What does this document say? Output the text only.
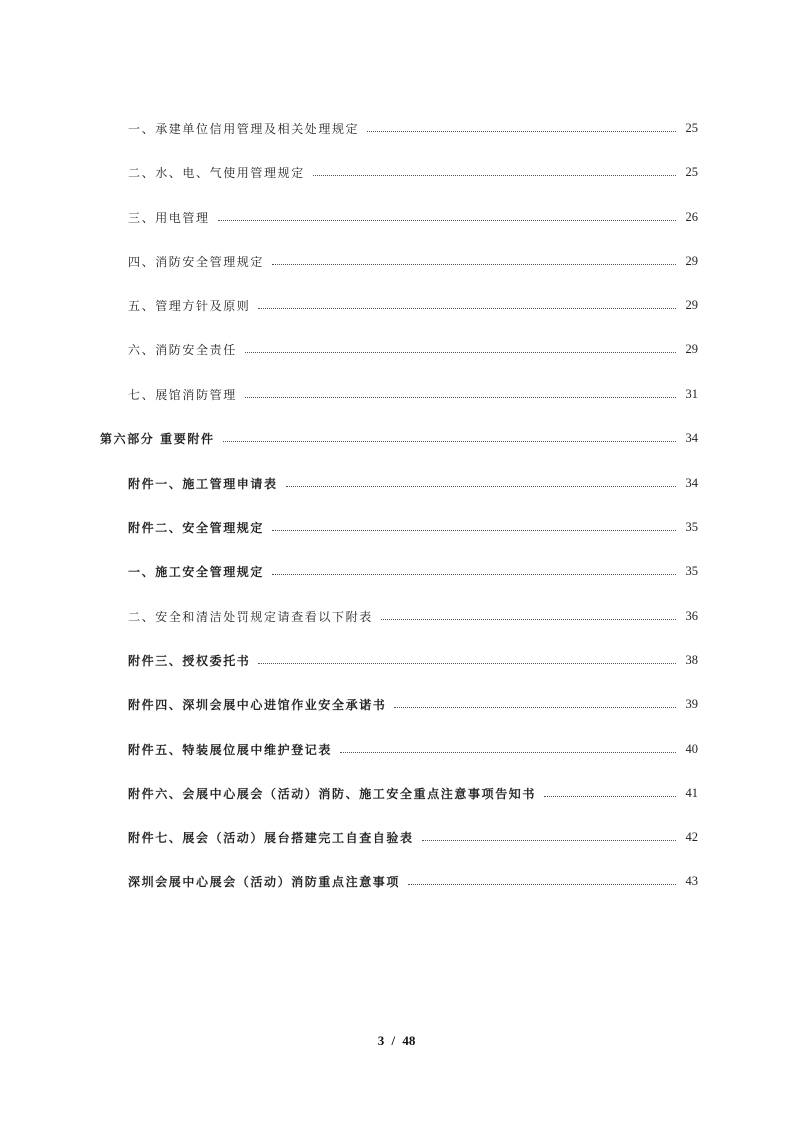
一、承建单位信用管理及相关处理规定	25
二、水、电、气使用管理规定	25
三、用电管理	26
四、消防安全管理规定	29
五、管理方针及原则	29
六、消防安全责任	29
七、展馆消防管理	31
第六部分 重要附件	34
附件一、施工管理申请表	34
附件二、安全管理规定	35
一、施工安全管理规定	35
二、安全和清洁处罚规定请查看以下附表	36
附件三、授权委托书	38
附件四、深圳会展中心进馆作业安全承诺书	39
附件五、特装展位展中维护登记表	40
附件六、会展中心展会（活动）消防、施工安全重点注意事项告知书	41
附件七、展会（活动）展台搭建完工自查自验表	42
深圳会展中心展会（活动）消防重点注意事项	43
3 / 48
